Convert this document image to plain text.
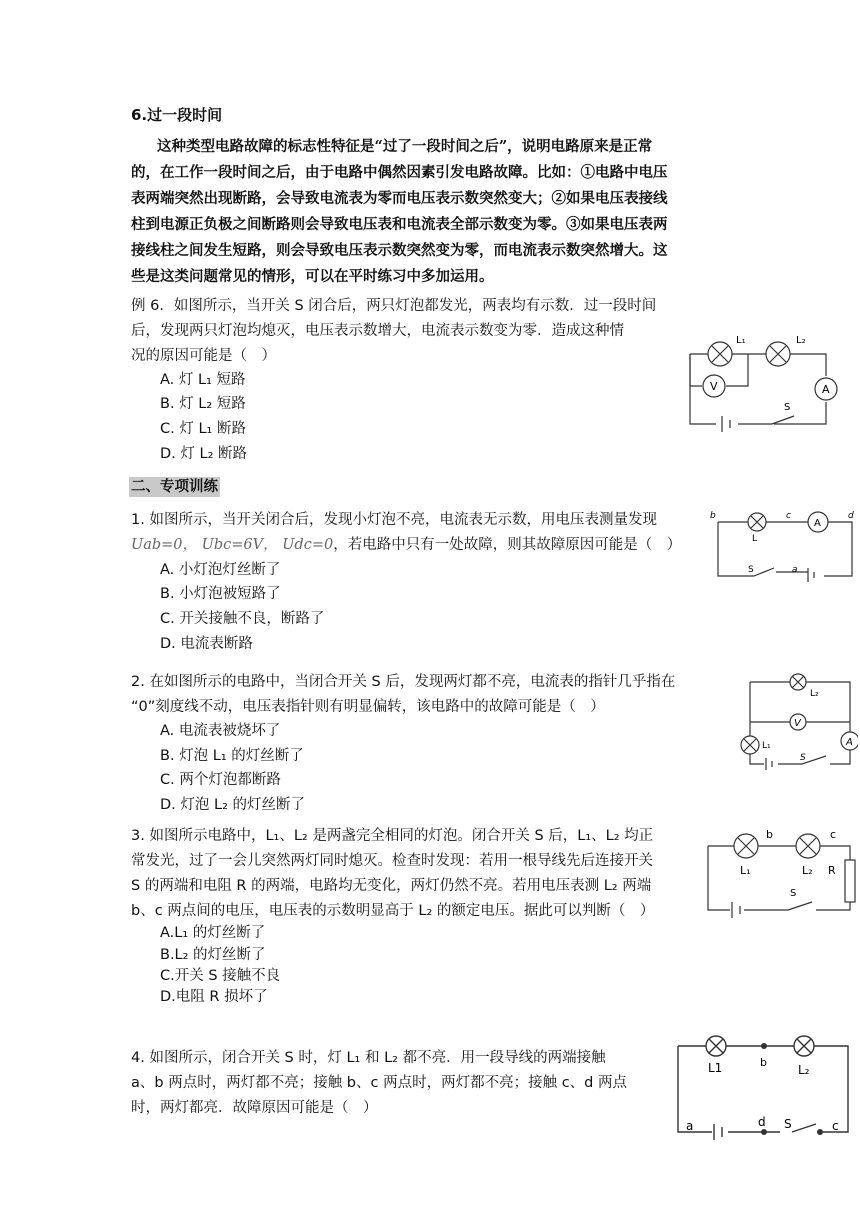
6.过一段时间
这种类型电路故障的标志性特征是“过了一段时间之后”，说明电路原来是正常
的，在工作一段时间之后，由于电路中偶然因素引发电路故障。比如：①电路中电压
表两端突然出现断路，会导致电流表为零而电压表示数突然变大；②如果电压表接线
柱到电源正负极之间断路则会导致电压表和电流表全部示数变为零。③如果电压表两
接线柱之间发生短路，则会导致电压表示数突然变为零，而电流表示数突然增大。这
些是这类问题常见的情形，可以在平时练习中多加运用。
例 6．如图所示，当开关 S 闭合后，两只灯泡都发光，两表均有示数．过一段时间
后，发现两只灯泡均熄灭，电压表示数增大，电流表示数变为零．造成这种情
况的原因可能是（　）
A. 灯 L₁ 短路
B. 灯 L₂ 短路
C. 灯 L₁ 断路
D. 灯 L₂ 断路
L₁	L₂
V	A
S
二、专项训练
1. 如图所示，当开关闭合后，发现小灯泡不亮，电流表无示数，用电压表测量发现
Uab=0， Ubc=6V， Udc=0，若电路中只有一处故障，则其故障原因可能是（　）
A. 小灯泡灯丝断了
B. 小灯泡被短路了
C. 开关接触不良，断路了
D. 电流表断路
b	c	d
a
L
S
A
2. 在如图所示的电路中，当闭合开关 S 后，发现两灯都不亮，电流表的指针几乎指在
“0”刻度线不动，电压表指针则有明显偏转，该电路中的故障可能是（　）
A. 电流表被烧坏了
B. 灯泡 L₁ 的灯丝断了
C. 两个灯泡都断路
D. 灯泡 L₂ 的灯丝断了
L₂
V
L₁	A
S
3. 如图所示电路中，L₁、L₂ 是两盏完全相同的灯泡。闭合开关 S 后，L₁、L₂ 均正
常发光，过了一会儿突然两灯同时熄灭。检查时发现：若用一根导线先后连接开关
S 的两端和电阻 R 的两端，电路均无变化，两灯仍然不亮。若用电压表测 L₂ 两端
b、c 两点间的电压，电压表的示数明显高于 L₂ 的额定电压。据此可以判断（　）
A.L₁ 的灯丝断了
B.L₂ 的灯丝断了
C.开关 S 接触不良
D.电阻 R 损坏了
b	c
L₁	L₂ R
S
4. 如图所示，闭合开关 S 时，灯 L₁ 和 L₂ 都不亮．用一段导线的两端接触
a、b 两点时，两灯都不亮；接触 b、c 两点时，两灯都不亮；接触 c、d 两点
时，两灯都亮．故障原因可能是（　）
b
L1	L₂
a	d S	c
